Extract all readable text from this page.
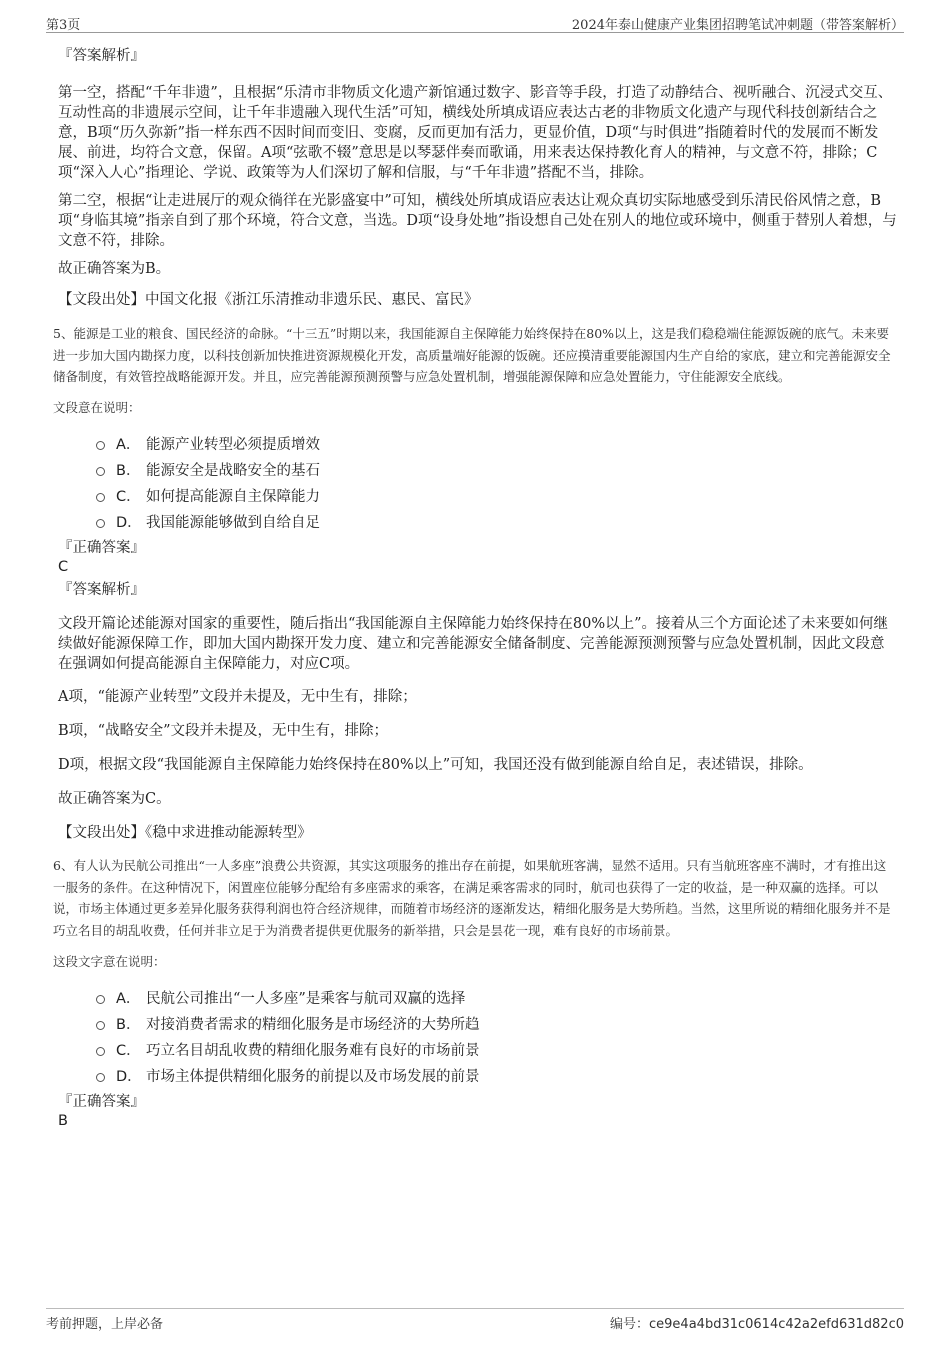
第3页	2024年泰山健康产业集团招聘笔试冲刺题（带答案解析）

『答案解析』

第一空，搭配“千年非遗”，且根据“乐清市非物质文化遗产新馆通过数字、影音等手段，打造了动静结合、视听融合、沉浸式交互、互动性高的非遗展示空间，让千年非遗融入现代生活”可知，横线处所填成语应表达古老的非物质文化遗产与现代科技创新结合之意，B项“历久弥新”指一样东西不因时间而变旧、变腐，反而更加有活力，更显价值，D项“与时俱进”指随着时代的发展而不断发展、前进，均符合文意，保留。A项“弦歌不辍”意思是以琴瑟伴奏而歌诵，用来表达保持教化育人的精神，与文意不符，排除；C项“深入人心”指理论、学说、政策等为人们深切了解和信服，与“千年非遗”搭配不当，排除。

第二空，根据“让走进展厅的观众徜徉在光影盛宴中”可知，横线处所填成语应表达让观众真切实际地感受到乐清民俗风情之意，B项“身临其境”指亲自到了那个环境，符合文意，当选。D项“设身处地”指设想自己处在别人的地位或环境中，侧重于替别人着想，与文意不符，排除。

故正确答案为B。

【文段出处】中国文化报《浙江乐清推动非遗乐民、惠民、富民》

5、能源是工业的粮食、国民经济的命脉。“十三五”时期以来，我国能源自主保障能力始终保持在80%以上，这是我们稳稳端住能源饭碗的底气。未来要进一步加大国内勘探力度，以科技创新加快推进资源规模化开发，高质量端好能源的饭碗。还应摸清重要能源国内生产自给的家底，建立和完善能源安全储备制度，有效管控战略能源开发。并且，应完善能源预测预警与应急处置机制，增强能源保障和应急处置能力，守住能源安全底线。

文段意在说明：

A． 能源产业转型必须提质增效
B． 能源安全是战略安全的基石
C． 如何提高能源自主保障能力
D． 我国能源能够做到自给自足

『正确答案』

C

『答案解析』

文段开篇论述能源对国家的重要性，随后指出“我国能源自主保障能力始终保持在80%以上”。接着从三个方面论述了未来要如何继续做好能源保障工作，即加大国内勘探开发力度、建立和完善能源安全储备制度、完善能源预测预警与应急处置机制，因此文段意在强调如何提高能源自主保障能力，对应C项。

A项，“能源产业转型”文段并未提及，无中生有，排除；

B项，“战略安全”文段并未提及，无中生有，排除；

D项，根据文段“我国能源自主保障能力始终保持在80%以上”可知，我国还没有做到能源自给自足，表述错误，排除。

故正确答案为C。

【文段出处】《稳中求进推动能源转型》

6、有人认为民航公司推出“一人多座”浪费公共资源，其实这项服务的推出存在前提，如果航班客满，显然不适用。只有当航班客座不满时，才有推出这一服务的条件。在这种情况下，闲置座位能够分配给有多座需求的乘客，在满足乘客需求的同时，航司也获得了一定的收益，是一种双赢的选择。可以说，市场主体通过更多差异化服务获得利润也符合经济规律，而随着市场经济的逐渐发达，精细化服务是大势所趋。当然，这里所说的精细化服务并不是巧立名目的胡乱收费，任何并非立足于为消费者提供更优服务的新举措，只会是昙花一现，难有良好的市场前景。

这段文字意在说明：

A． 民航公司推出“一人多座”是乘客与航司双赢的选择
B． 对接消费者需求的精细化服务是市场经济的大势所趋
C． 巧立名目胡乱收费的精细化服务难有良好的市场前景
D． 市场主体提供精细化服务的前提以及市场发展的前景

『正确答案』

B

考前押题，上岸必备	编号：ce9e4a4bd31c0614c42a2efd631d82c0
